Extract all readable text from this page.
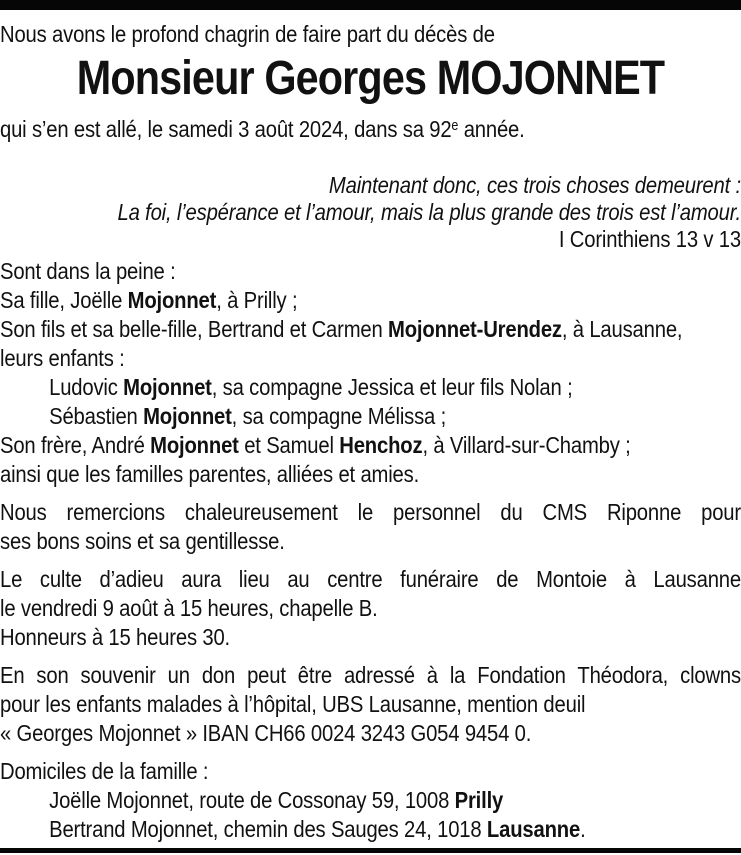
Nous avons le profond chagrin de faire part du décès de
Monsieur Georges MOJONNET
qui s’en est allé, le samedi 3 août 2024, dans sa 92e année.
Maintenant donc, ces trois choses demeurent :
La foi, l’espérance et l’amour, mais la plus grande des trois est l’amour.
I Corinthiens 13 v 13
Sont dans la peine :
Sa fille, Joëlle Mojonnet, à Prilly ;
Son fils et sa belle-fille, Bertrand et Carmen Mojonnet-Urendez, à Lausanne,
leurs enfants :
Ludovic Mojonnet, sa compagne Jessica et leur fils Nolan ;
Sébastien Mojonnet, sa compagne Mélissa ;
Son frère, André Mojonnet et Samuel Henchoz, à Villard-sur-Chamby ;
ainsi que les familles parentes, alliées et amies.
Nous remercions chaleureusement le personnel du CMS Riponne pour
ses bons soins et sa gentillesse.
Le culte d’adieu aura lieu au centre funéraire de Montoie à Lausanne
le vendredi 9 août à 15 heures, chapelle B.
Honneurs à 15 heures 30.
En son souvenir un don peut être adressé à la Fondation Théodora, clowns
pour les enfants malades à l’hôpital, UBS Lausanne, mention deuil
« Georges Mojonnet » IBAN CH66 0024 3243 G054 9454 0.
Domiciles de la famille :
Joëlle Mojonnet, route de Cossonay 59, 1008 Prilly
Bertrand Mojonnet, chemin des Sauges 24, 1018 Lausanne.
